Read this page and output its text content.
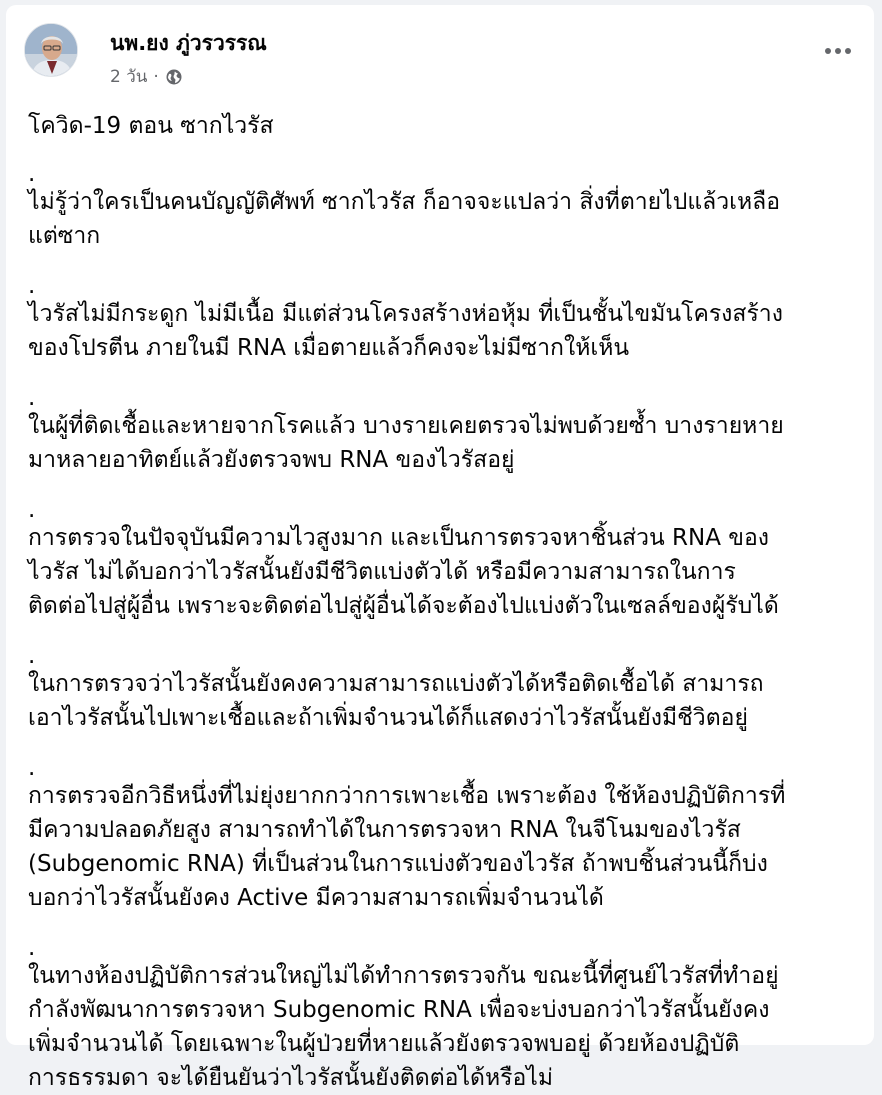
นพ.ยง ภู่วรวรรณ
2 วัน ·

โควิด-19 ตอน ซากไวรัส

.

ไม่รู้ว่าใครเป็นคนบัญญัติศัพท์ ซากไวรัส ก็อาจจะแปลว่า สิ่งที่ตายไปแล้วเหลือ

แต่ซาก

.

ไวรัสไม่มีกระดูก ไม่มีเนื้อ มีแต่ส่วนโครงสร้างห่อหุ้ม ที่เป็นชั้นไขมันโครงสร้าง

ของโปรตีน ภายในมี RNA เมื่อตายแล้วก็คงจะไม่มีซากให้เห็น

.

ในผู้ที่ติดเชื้อและหายจากโรคแล้ว บางรายเคยตรวจไม่พบด้วยซ้ำ บางรายหาย

มาหลายอาทิตย์แล้วยังตรวจพบ RNA ของไวรัสอยู่

.

การตรวจในปัจจุบันมีความไวสูงมาก และเป็นการตรวจหาชิ้นส่วน RNA ของ

ไวรัส ไม่ได้บอกว่าไวรัสนั้นยังมีชีวิตแบ่งตัวได้ หรือมีความสามารถในการ

ติดต่อไปสู่ผู้อื่น เพราะจะติดต่อไปสู่ผู้อื่นได้จะต้องไปแบ่งตัวในเซลล์ของผู้รับได้

.

ในการตรวจว่าไวรัสนั้นยังคงความสามารถแบ่งตัวได้หรือติดเชื้อได้ สามารถ

เอาไวรัสนั้นไปเพาะเชื้อและถ้าเพิ่มจำนวนได้ก็แสดงว่าไวรัสนั้นยังมีชีวิตอยู่

.

การตรวจอีกวิธีหนึ่งที่ไม่ยุ่งยากกว่าการเพาะเชื้อ เพราะต้อง ใช้ห้องปฏิบัติการที่

มีความปลอดภัยสูง สามารถทำได้ในการตรวจหา RNA ในจีโนมของไวรัส

(Subgenomic RNA) ที่เป็นส่วนในการแบ่งตัวของไวรัส ถ้าพบชิ้นส่วนนี้ก็บ่ง

บอกว่าไวรัสนั้นยังคง Active มีความสามารถเพิ่มจำนวนได้

.

ในทางห้องปฏิบัติการส่วนใหญ่ไม่ได้ทำการตรวจกัน ขณะนี้ที่ศูนย์ไวรัสที่ทำอยู่

กำลังพัฒนาการตรวจหา Subgenomic RNA เพื่อจะบ่งบอกว่าไวรัสนั้นยังคง

เพิ่มจำนวนได้ โดยเฉพาะในผู้ป่วยที่หายแล้วยังตรวจพบอยู่ ด้วยห้องปฏิบัติ

การธรรมดา จะได้ยืนยันว่าไวรัสนั้นยังติดต่อได้หรือไม่
